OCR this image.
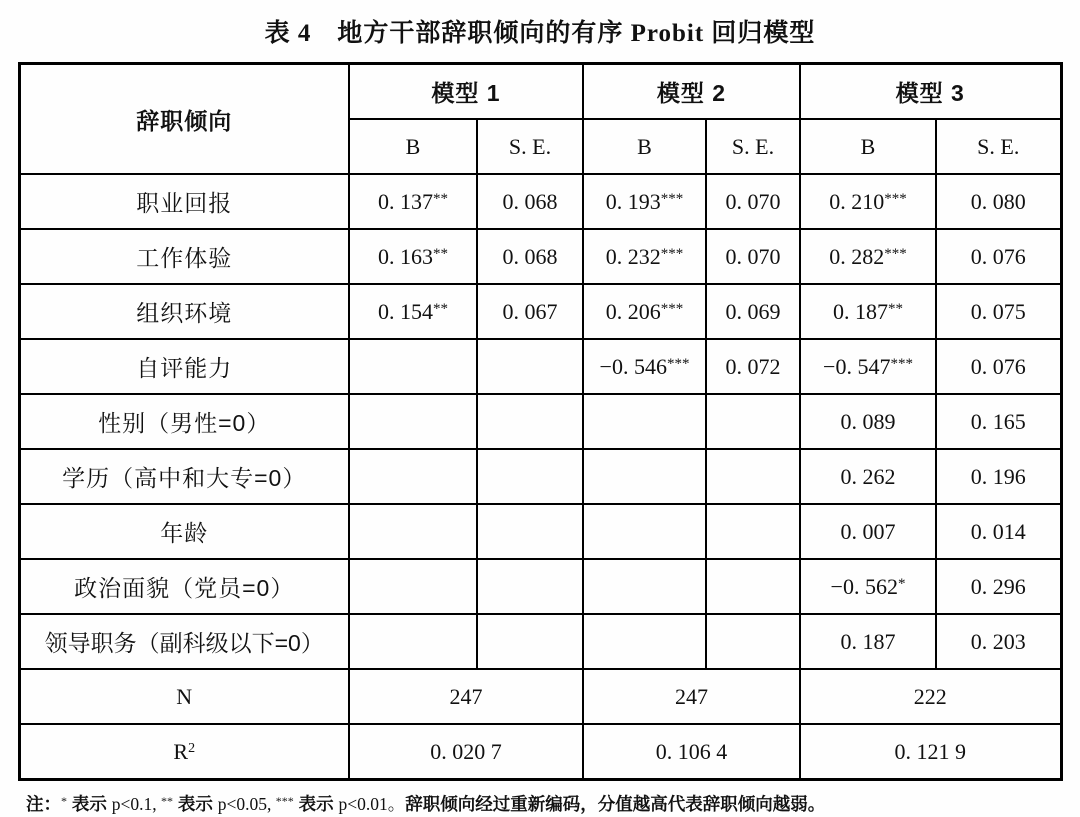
表 4　地方干部辞职倾向的有序 Probit 回归模型
辞职倾向	模型 1		模型 2		模型 3	
	B	S. E.	B	S. E.	B	S. E.
职业回报	0. 137**	0. 068	0. 193***	0. 070	0. 210***	0. 080
工作体验	0. 163**	0. 068	0. 232***	0. 070	0. 282***	0. 076
组织环境	0. 154**	0. 067	0. 206***	0. 069	0. 187**	0. 075
自评能力			−0. 546***	0. 072	−0. 547***	0. 076
性别（男性=0）					0. 089	0. 165
学历（高中和大专=0）					0. 262	0. 196
年龄					0. 007	0. 014
政治面貌（党员=0）					−0. 562*	0. 296
领导职务（副科级以下=0）					0. 187	0. 203
N	247		247		222	
$R^2$	0. 020 7		0. 106 4		0. 121 9	
注：* 表示 p<0.1, ** 表示 p<0.05, *** 表示 p<0.01。辞职倾向经过重新编码，分值越高代表辞职倾向越弱。
